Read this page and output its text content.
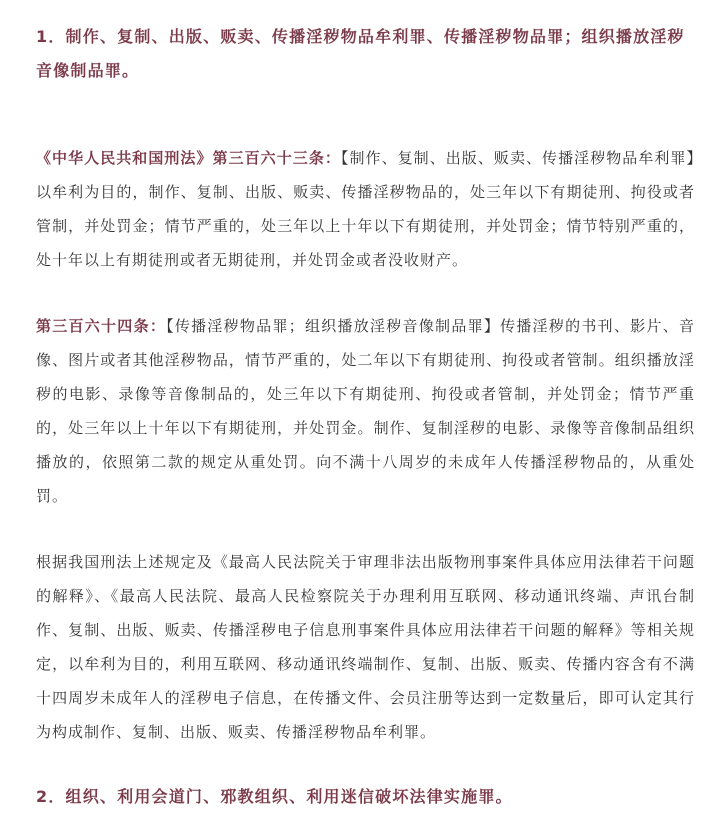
1．制作、复制、出版、贩卖、传播淫秽物品牟利罪、传播淫秽物品罪；组织播放淫秽音像制品罪。

《中华人民共和国刑法》第三百六十三条：【制作、复制、出版、贩卖、传播淫秽物品牟利罪】以牟利为目的，制作、复制、出版、贩卖、传播淫秽物品的，处三年以下有期徒刑、拘役或者管制，并处罚金；情节严重的，处三年以上十年以下有期徒刑，并处罚金；情节特别严重的，处十年以上有期徒刑或者无期徒刑，并处罚金或者没收财产。

第三百六十四条：【传播淫秽物品罪；组织播放淫秽音像制品罪】传播淫秽的书刊、影片、音像、图片或者其他淫秽物品，情节严重的，处二年以下有期徒刑、拘役或者管制。组织播放淫秽的电影、录像等音像制品的，处三年以下有期徒刑、拘役或者管制，并处罚金；情节严重的，处三年以上十年以下有期徒刑，并处罚金。制作、复制淫秽的电影、录像等音像制品组织播放的，依照第二款的规定从重处罚。向不满十八周岁的未成年人传播淫秽物品的，从重处罚。

根据我国刑法上述规定及《最高人民法院关于审理非法出版物刑事案件具体应用法律若干问题的解释》、《最高人民法院、最高人民检察院关于办理利用互联网、移动通讯终端、声讯台制作、复制、出版、贩卖、传播淫秽电子信息刑事案件具体应用法律若干问题的解释》等相关规定，以牟利为目的，利用互联网、移动通讯终端制作、复制、出版、贩卖、传播内容含有不满十四周岁未成年人的淫秽电子信息，在传播文件、会员注册等达到一定数量后，即可认定其行为构成制作、复制、出版、贩卖、传播淫秽物品牟利罪。

2．组织、利用会道门、邪教组织、利用迷信破坏法律实施罪。
